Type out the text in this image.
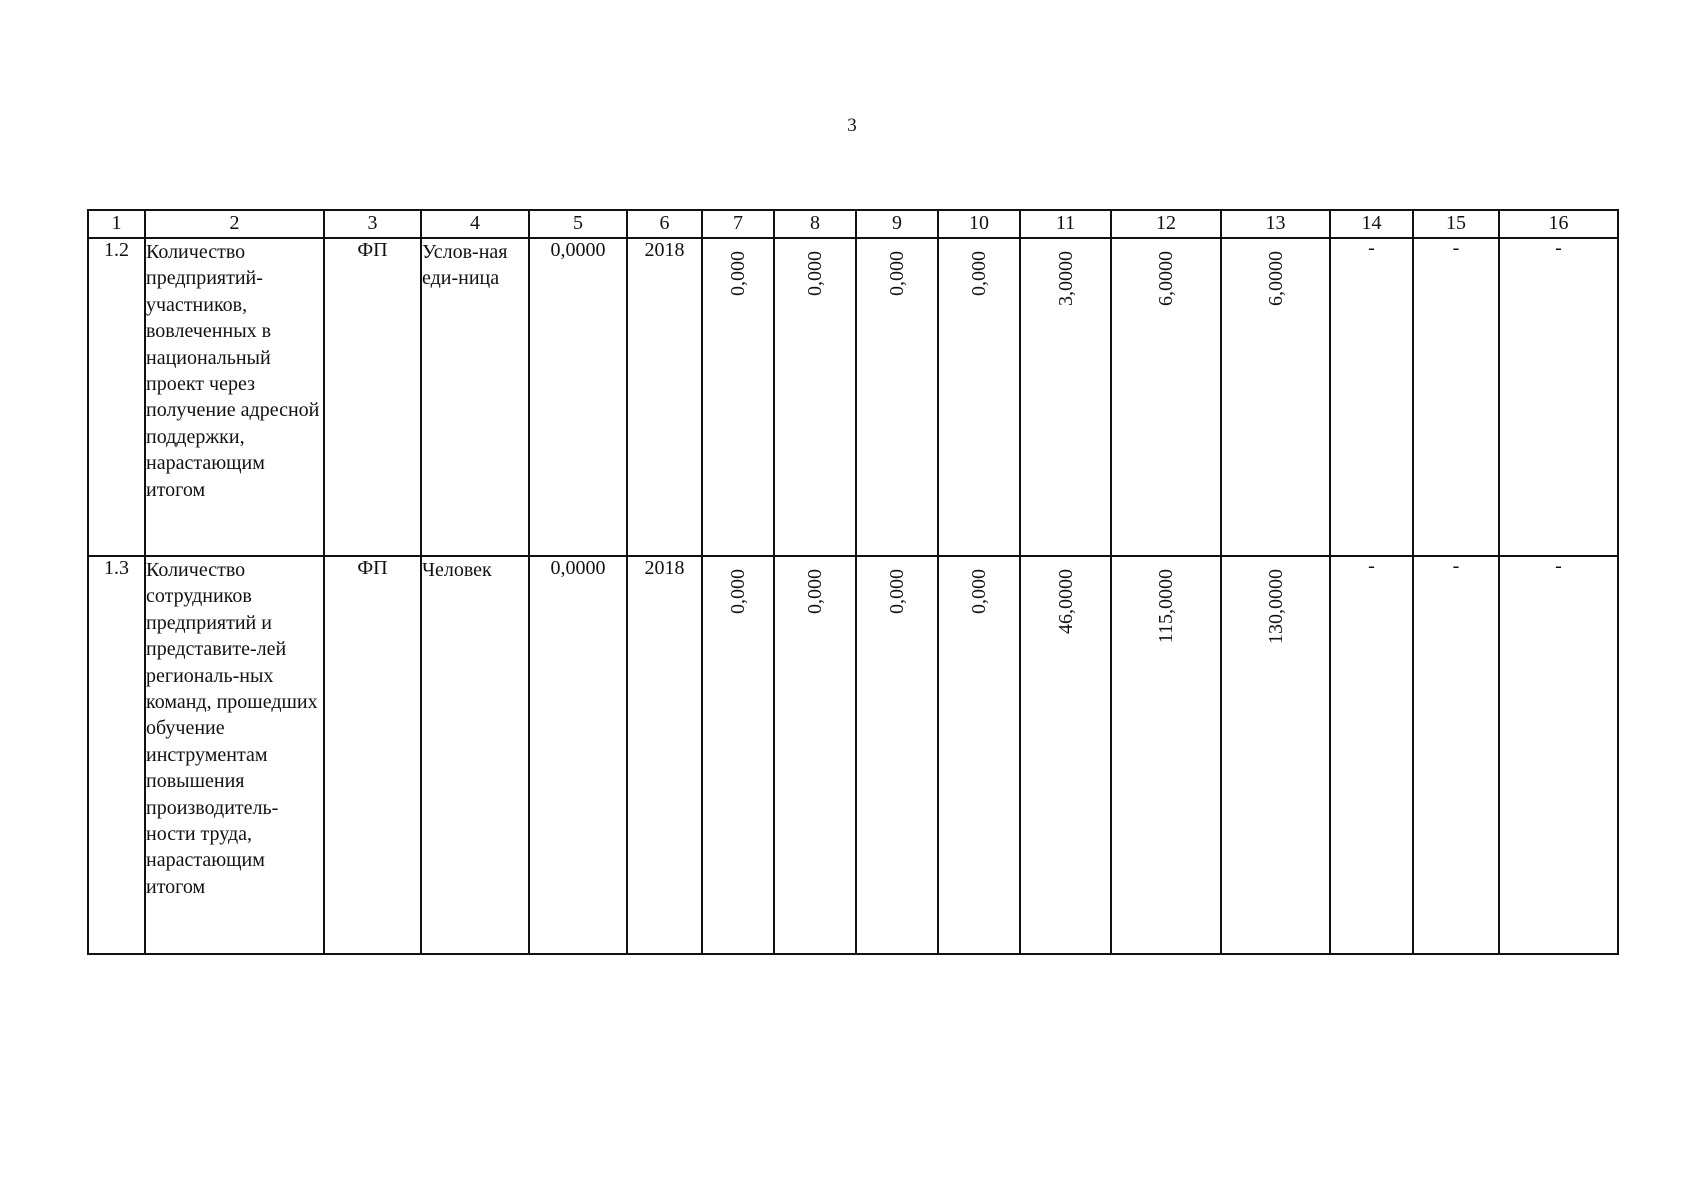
3
1	2	3	4	5	6	7	8	9	10	11	12	13	14	15	16
1.2	Количество предприятий-участников, вовлеченных в национальный проект через получение адресной поддержки, нарастающим итогом	ФП	Услов-ная еди-ница	0,0000	2018	0,000	0,000	0,000	0,000	3,0000	6,0000	6,0000	-	-	-
1.3	Количество сотрудников предприятий и представите-лей региональ-ных команд, прошедших обучение инструментам повышения производитель-ности труда, нарастающим итогом	ФП	Человек	0,0000	2018	0,000	0,000	0,000	0,000	46,0000	115,0000	130,0000	-	-	-
